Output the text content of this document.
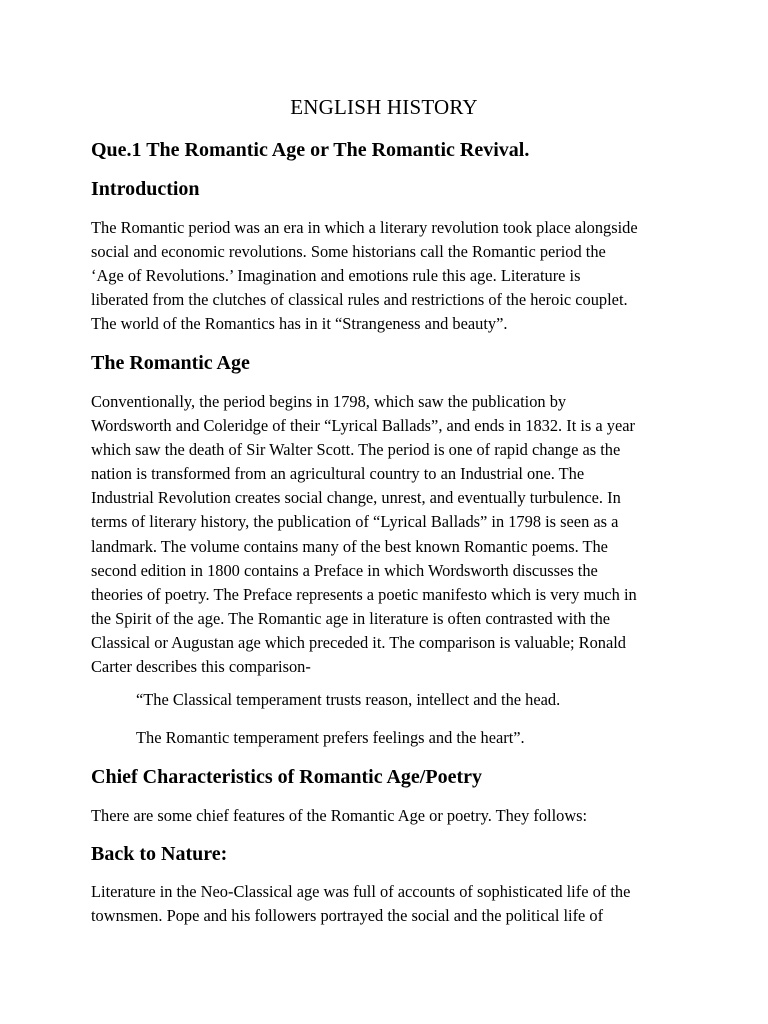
ENGLISH HISTORY
Que.1 The Romantic Age or The Romantic Revival.
Introduction
The Romantic period was an era in which a literary revolution took place alongside
social and economic revolutions. Some historians call the Romantic period the
‘Age of Revolutions.’ Imagination and emotions rule this age. Literature is
liberated from the clutches of classical rules and restrictions of the heroic couplet.
The world of the Romantics has in it “Strangeness and beauty”.
The Romantic Age
Conventionally, the period begins in 1798, which saw the publication by
Wordsworth and Coleridge of their “Lyrical Ballads”, and ends in 1832. It is a year
which saw the death of Sir Walter Scott. The period is one of rapid change as the
nation is transformed from an agricultural country to an Industrial one. The
Industrial Revolution creates social change, unrest, and eventually turbulence. In
terms of literary history, the publication of “Lyrical Ballads” in 1798 is seen as a
landmark. The volume contains many of the best known Romantic poems. The
second edition in 1800 contains a Preface in which Wordsworth discusses the
theories of poetry. The Preface represents a poetic manifesto which is very much in
the Spirit of the age. The Romantic age in literature is often contrasted with the
Classical or Augustan age which preceded it. The comparison is valuable; Ronald
Carter describes this comparison-

“The Classical temperament trusts reason, intellect and the head.

The Romantic temperament prefers feelings and the heart”.

Chief Characteristics of Romantic Age/Poetry
There are some chief features of the Romantic Age or poetry. They follows:
Back to Nature:
Literature in the Neo-Classical age was full of accounts of sophisticated life of the
townsmen. Pope and his followers portrayed the social and the political life of
